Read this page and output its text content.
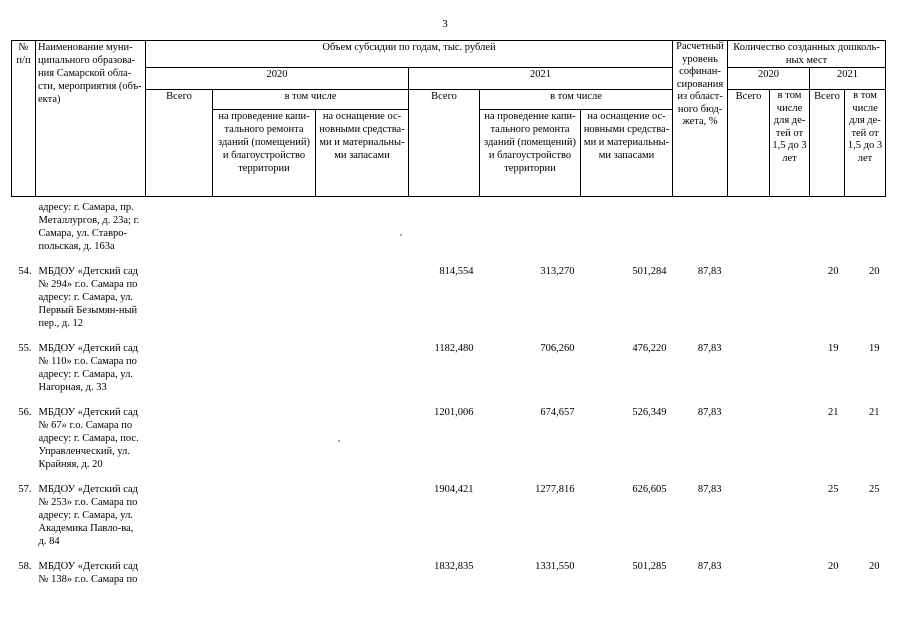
3
№ п/п	Наименование муни-ципального образова-ния Самарской обла-сти, мероприятия (объ-екта)	Объем субсидии по годам, тыс. рублей						Расчетный уровень софинан-сирования из област-ного бюд-жета, %	Количество созданных дошколь-ных мест			
		2020			2021				2020		2021	
		Всего	в том числе		Всего	в том числе			Всего	в том числе для де-тей от 1,5 до 3 лет	Всего	в том числе для де-тей от 1,5 до 3 лет
			на проведение капи-тального ремонта зданий (помещений) и благоустройство территории	на оснащение ос-новными средства-ми и материальны-ми запасами		на проведение капи-тального ремонта зданий (помещений) и благоустройство территории	на оснащение ос-новными средства-ми и материальны-ми запасами					
	адресу: г. Самара, пр. Металлургов, д. 23а; г. Самара, ул. Ставро-польская, д. 163а											

54.	МБДОУ «Детский сад № 294» г.о. Самара по адресу: г. Самара, ул. Первый Безымян-ный пер., д. 12				814,554	313,270	501,284	87,83			20	20

55.	МБДОУ «Детский сад № 110» г.о. Самара по адресу: г. Самара, ул. Нагорная, д. 33				1182,480	706,260	476,220	87,83			19	19

56.	МБДОУ «Детский сад № 67» г.о. Самара по адресу: г. Самара, пос. Управленческий, ул. Крайняя, д. 20				1201,006	674,657	526,349	87,83			21	21

57.	МБДОУ «Детский сад № 253» г.о. Самара по адресу: г. Самара, ул. Академика Павло-ва, д. 84				1904,421	1277,816	626,605	87,83			25	25

58.	МБДОУ «Детский сад № 138» г.о. Самара по				1832,835	1331,550	501,285	87,83			20	20
